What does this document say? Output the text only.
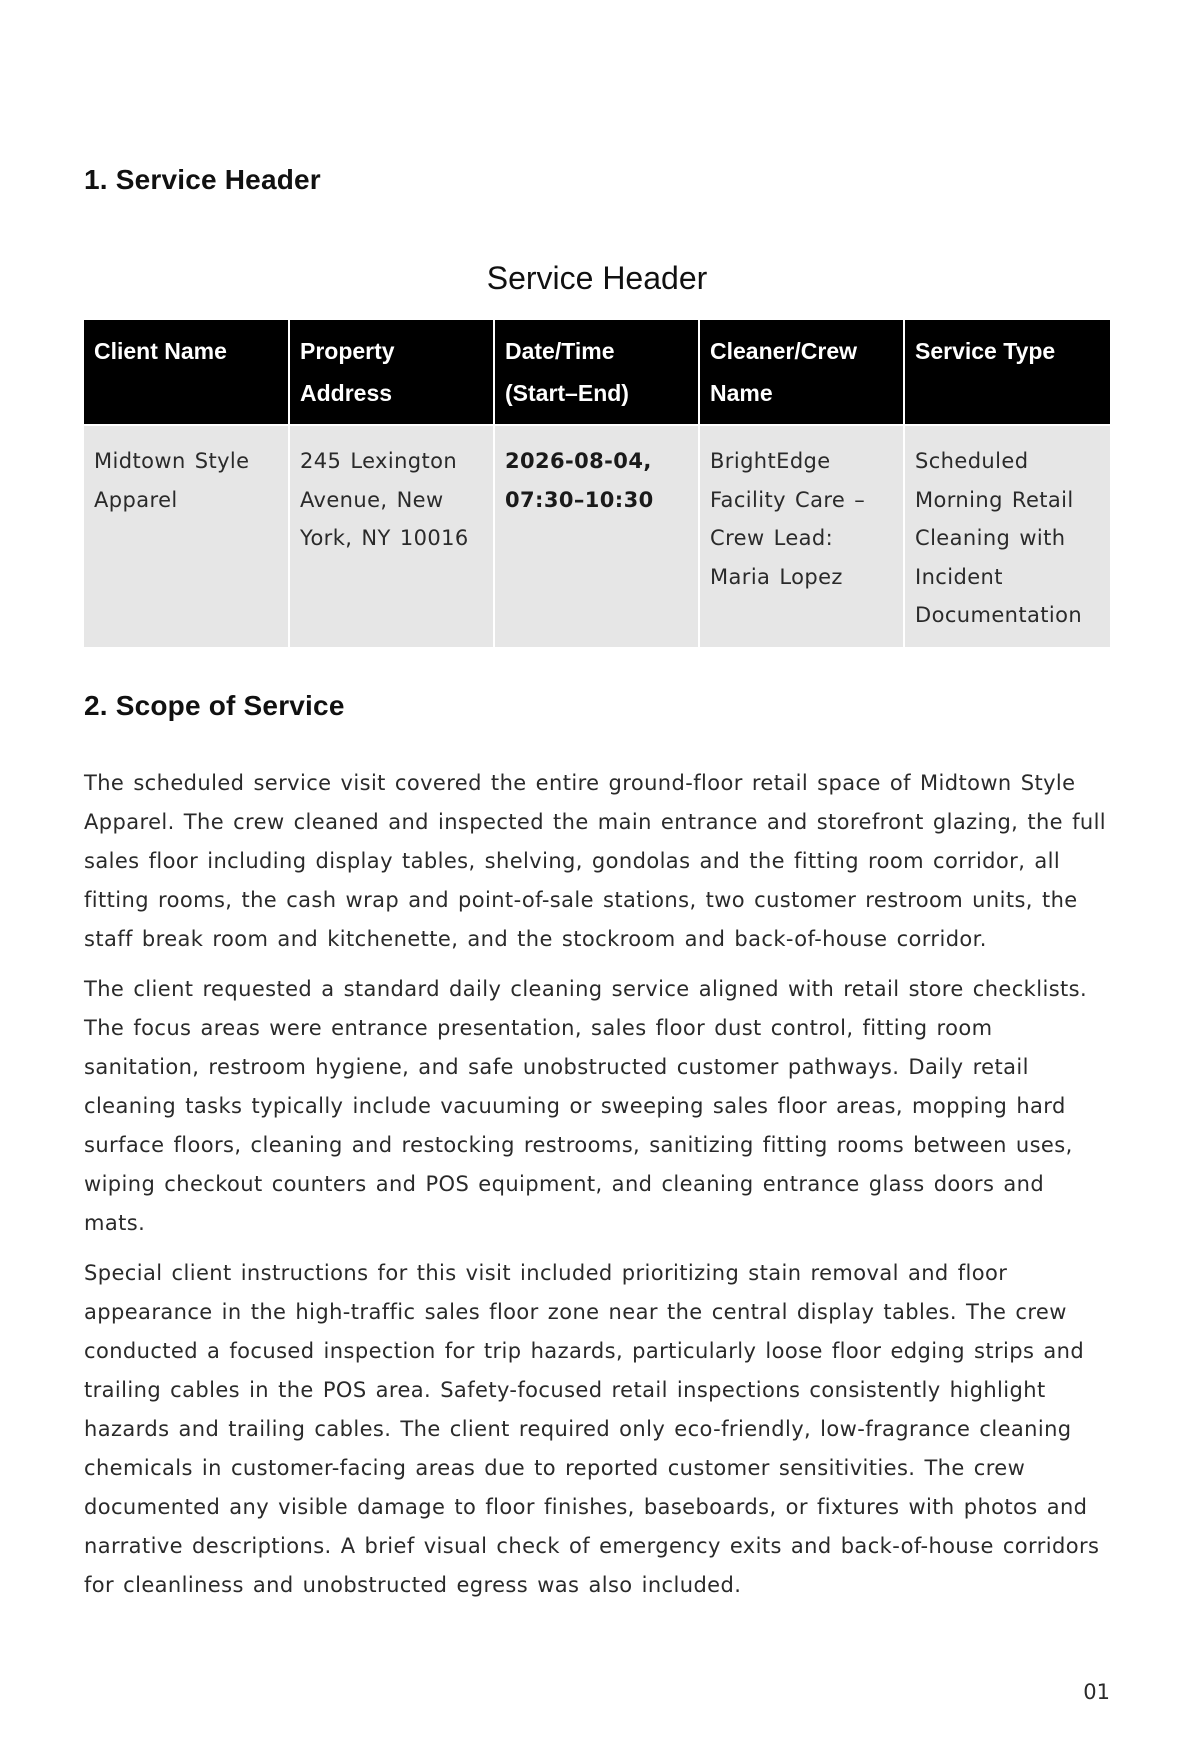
1. Service Header
Service Header
Client Name	Property Address	Date/Time (Start–End)	Cleaner/Crew Name	Service Type
Midtown Style Apparel	245 Lexington Avenue, New York, NY 10016	2026-08-04, 07:30–10:30	BrightEdge Facility Care – Crew Lead: Maria Lopez	Scheduled Morning Retail Cleaning with Incident Documentation
2. Scope of Service

The scheduled service visit covered the entire ground-floor retail space of Midtown Style Apparel. The crew cleaned and inspected the main entrance and storefront glazing, the full sales floor including display tables, shelving, gondolas and the fitting room corridor, all fitting rooms, the cash wrap and point-of-sale stations, two customer restroom units, the staff break room and kitchenette, and the stockroom and back-of-house corridor.

The client requested a standard daily cleaning service aligned with retail store checklists. The focus areas were entrance presentation, sales floor dust control, fitting room sanitation, restroom hygiene, and safe unobstructed customer pathways. Daily retail cleaning tasks typically include vacuuming or sweeping sales floor areas, mopping hard surface floors, cleaning and restocking restrooms, sanitizing fitting rooms between uses, wiping checkout counters and POS equipment, and cleaning entrance glass doors and mats.

Special client instructions for this visit included prioritizing stain removal and floor appearance in the high-traffic sales floor zone near the central display tables. The crew conducted a focused inspection for trip hazards, particularly loose floor edging strips and trailing cables in the POS area. Safety-focused retail inspections consistently highlight hazards and trailing cables. The client required only eco-friendly, low-fragrance cleaning chemicals in customer-facing areas due to reported customer sensitivities. The crew documented any visible damage to floor finishes, baseboards, or fixtures with photos and narrative descriptions. A brief visual check of emergency exits and back-of-house corridors for cleanliness and unobstructed egress was also included.

01
